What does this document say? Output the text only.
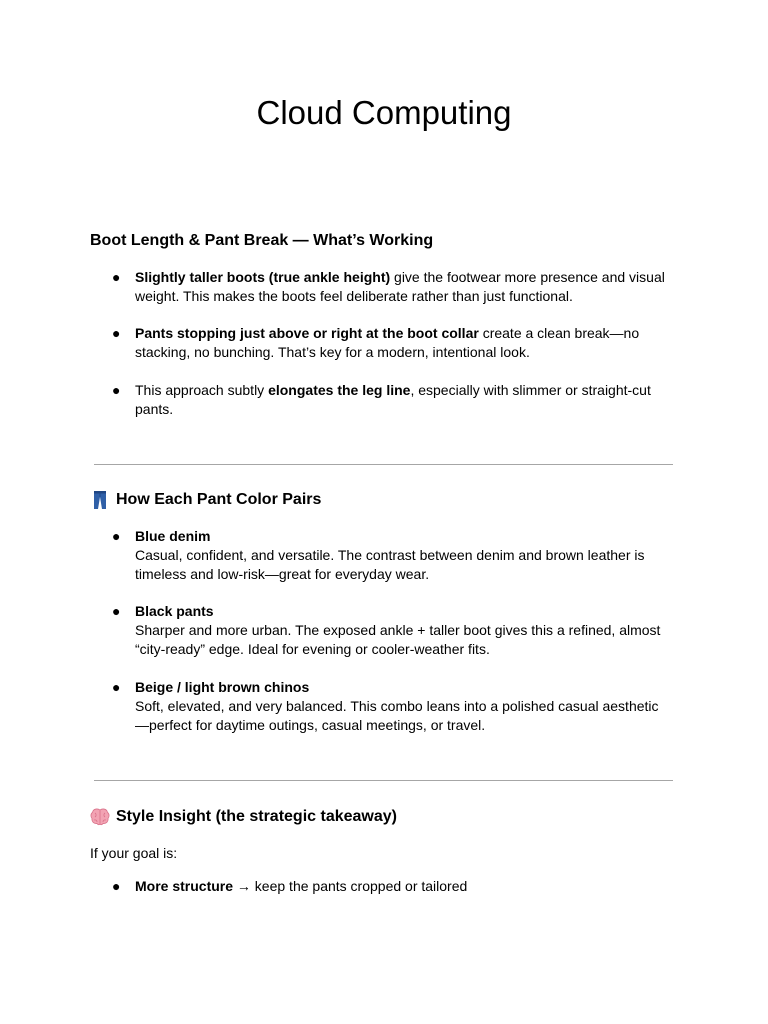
Cloud Computing
Boot Length & Pant Break — What’s Working
● Slightly taller boots (true ankle height) give the footwear more presence and visual weight. This makes the boots feel deliberate rather than just functional.
● Pants stopping just above or right at the boot collar create a clean break—no stacking, no bunching. That’s key for a modern, intentional look.
● This approach subtly elongates the leg line, especially with slimmer or straight-cut pants.
How Each Pant Color Pairs
● Blue denim
Casual, confident, and versatile. The contrast between denim and brown leather is timeless and low-risk—great for everyday wear.
● Black pants
Sharper and more urban. The exposed ankle + taller boot gives this a refined, almost “city-ready” edge. Ideal for evening or cooler-weather fits.
● Beige / light brown chinos
Soft, elevated, and very balanced. This combo leans into a polished casual aesthetic—perfect for daytime outings, casual meetings, or travel.
Style Insight (the strategic takeaway)

If your goal is:

● More structure → keep the pants cropped or tailored
